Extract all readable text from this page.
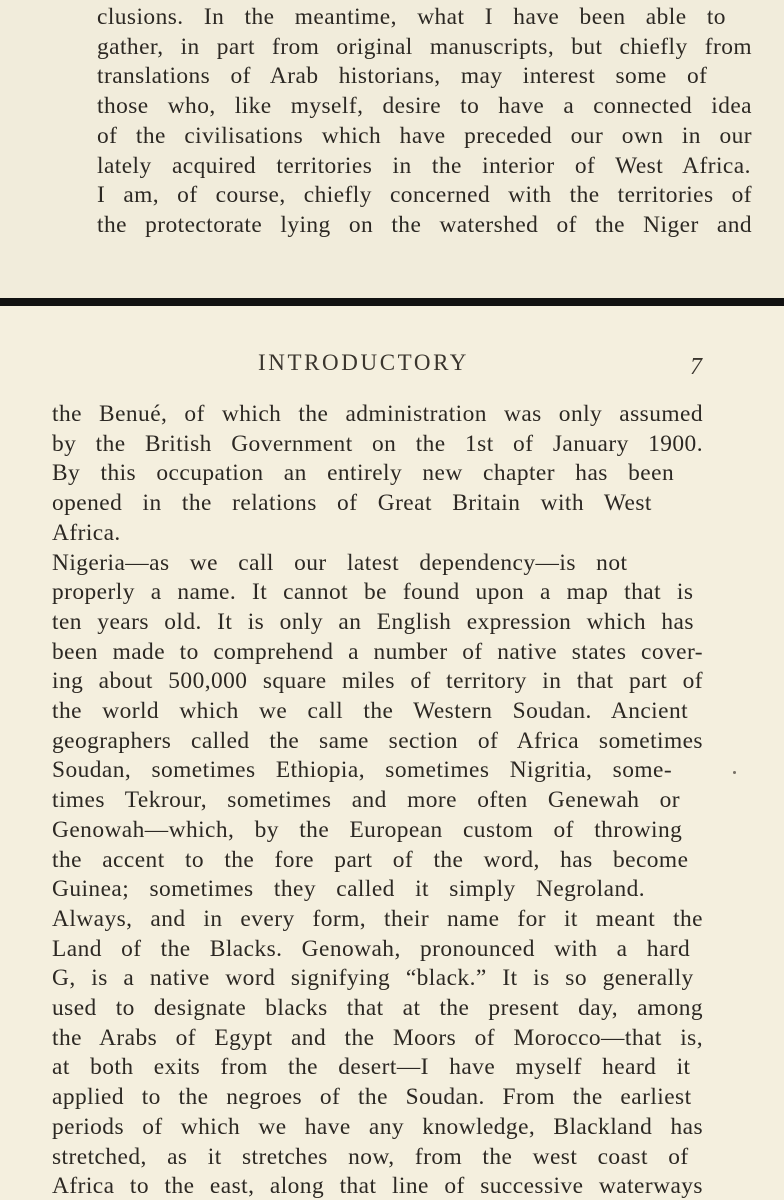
clusions. In the meantime, what I have been able to
gather, in part from original manuscripts, but chiefly from
translations of Arab historians, may interest some of
those who, like myself, desire to have a connected idea
of the civilisations which have preceded our own in our
lately acquired territories in the interior of West Africa.
I am, of course, chiefly concerned with the territories of
the protectorate lying on the watershed of the Niger and
INTRODUCTORY	7
the Benué, of which the administration was only assumed
by the British Government on the 1st of January 1900.
By this occupation an entirely new chapter has been
opened in the relations of Great Britain with West
Africa.
Nigeria—as we call our latest dependency—is not
properly a name. It cannot be found upon a map that is
ten years old. It is only an English expression which has
been made to comprehend a number of native states cover-
ing about 500,000 square miles of territory in that part of
the world which we call the Western Soudan. Ancient
geographers called the same section of Africa sometimes
Soudan, sometimes Ethiopia, sometimes Nigritia, some-
times Tekrour, sometimes and more often Genewah or
Genowah—which, by the European custom of throwing
the accent to the fore part of the word, has become
Guinea; sometimes they called it simply Negroland.
Always, and in every form, their name for it meant the
Land of the Blacks. Genowah, pronounced with a hard
G, is a native word signifying “black.” It is so generally
used to designate blacks that at the present day, among
the Arabs of Egypt and the Moors of Morocco—that is,
at both exits from the desert—I have myself heard it
applied to the negroes of the Soudan. From the earliest
periods of which we have any knowledge, Blackland has
stretched, as it stretches now, from the west coast of
Africa to the east, along that line of successive waterways
